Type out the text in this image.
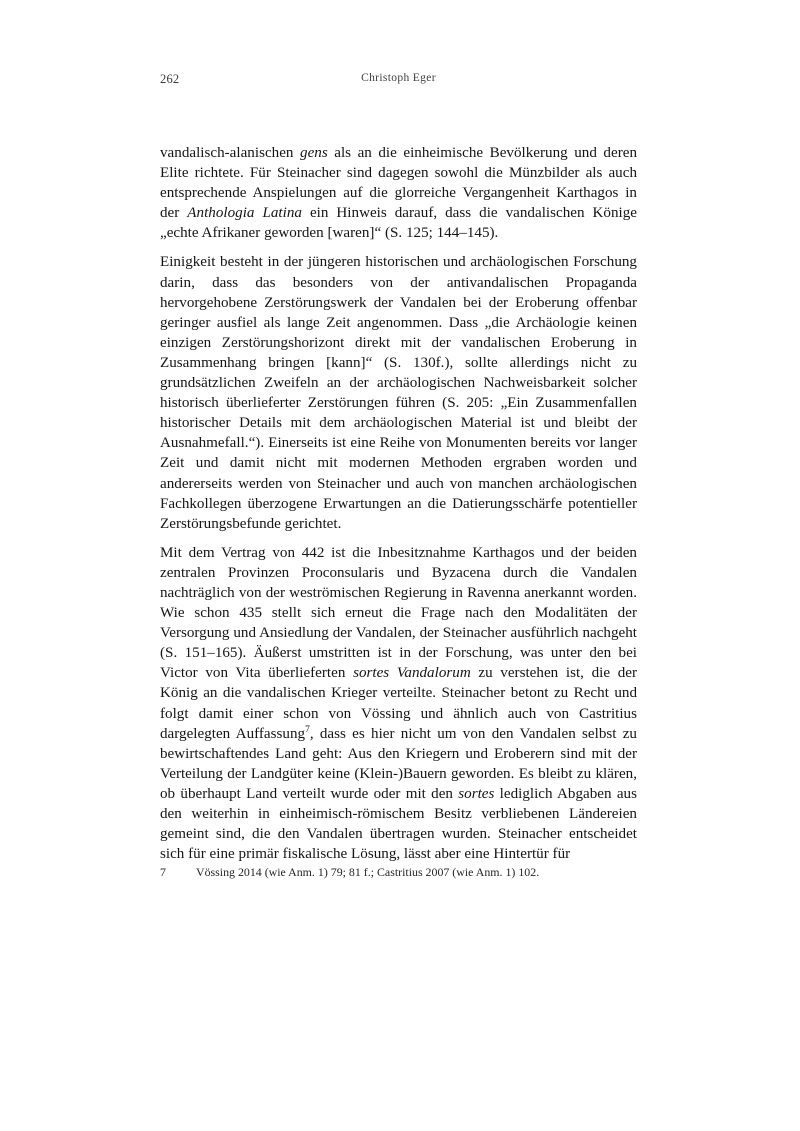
262	Christoph Eger

vandalisch-alanischen gens als an die einheimische Bevölkerung und deren Elite richtete. Für Steinacher sind dagegen sowohl die Münzbilder als auch entsprechende Anspielungen auf die glorreiche Vergangenheit Karthagos in der Anthologia Latina ein Hinweis darauf, dass die vandalischen Könige „echte Afrikaner geworden [waren]“ (S. 125; 144–145).

Einigkeit besteht in der jüngeren historischen und archäologischen Forschung darin, dass das besonders von der antivandalischen Propaganda hervorgehobene Zerstörungswerk der Vandalen bei der Eroberung offenbar geringer ausfiel als lange Zeit angenommen. Dass „die Archäologie keinen einzigen Zerstörungshorizont direkt mit der vandalischen Eroberung in Zusammenhang bringen [kann]“ (S. 130f.), sollte allerdings nicht zu grundsätzlichen Zweifeln an der archäologischen Nachweisbarkeit solcher historisch überlieferter Zerstörungen führen (S. 205: „Ein Zusammenfallen historischer Details mit dem archäologischen Material ist und bleibt der Ausnahmefall.“). Einerseits ist eine Reihe von Monumenten bereits vor langer Zeit und damit nicht mit modernen Methoden ergraben worden und andererseits werden von Steinacher und auch von manchen archäologischen Fachkollegen überzogene Erwartungen an die Datierungsschärfe potentieller Zerstörungsbefunde gerichtet.

Mit dem Vertrag von 442 ist die Inbesitznahme Karthagos und der beiden zentralen Provinzen Proconsularis und Byzacena durch die Vandalen nachträglich von der weströmischen Regierung in Ravenna anerkannt worden. Wie schon 435 stellt sich erneut die Frage nach den Modalitäten der Versorgung und Ansiedlung der Vandalen, der Steinacher ausführlich nachgeht (S. 151–165). Äußerst umstritten ist in der Forschung, was unter den bei Victor von Vita überlieferten sortes Vandalorum zu verstehen ist, die der König an die vandalischen Krieger verteilte. Steinacher betont zu Recht und folgt damit einer schon von Vössing und ähnlich auch von Castritius dargelegten Auffassung$^7$, dass es hier nicht um von den Vandalen selbst zu bewirtschaftendes Land geht: Aus den Kriegern und Eroberern sind mit der Verteilung der Landgüter keine (Klein-)Bauern geworden. Es bleibt zu klären, ob überhaupt Land verteilt wurde oder mit den sortes lediglich Abgaben aus den weiterhin in einheimisch-römischem Besitz verbliebenen Ländereien gemeint sind, die den Vandalen übertragen wurden. Steinacher entscheidet sich für eine primär fiskalische Lösung, lässt aber eine Hintertür für

7	Vössing 2014 (wie Anm. 1) 79; 81 f.; Castritius 2007 (wie Anm. 1) 102.
